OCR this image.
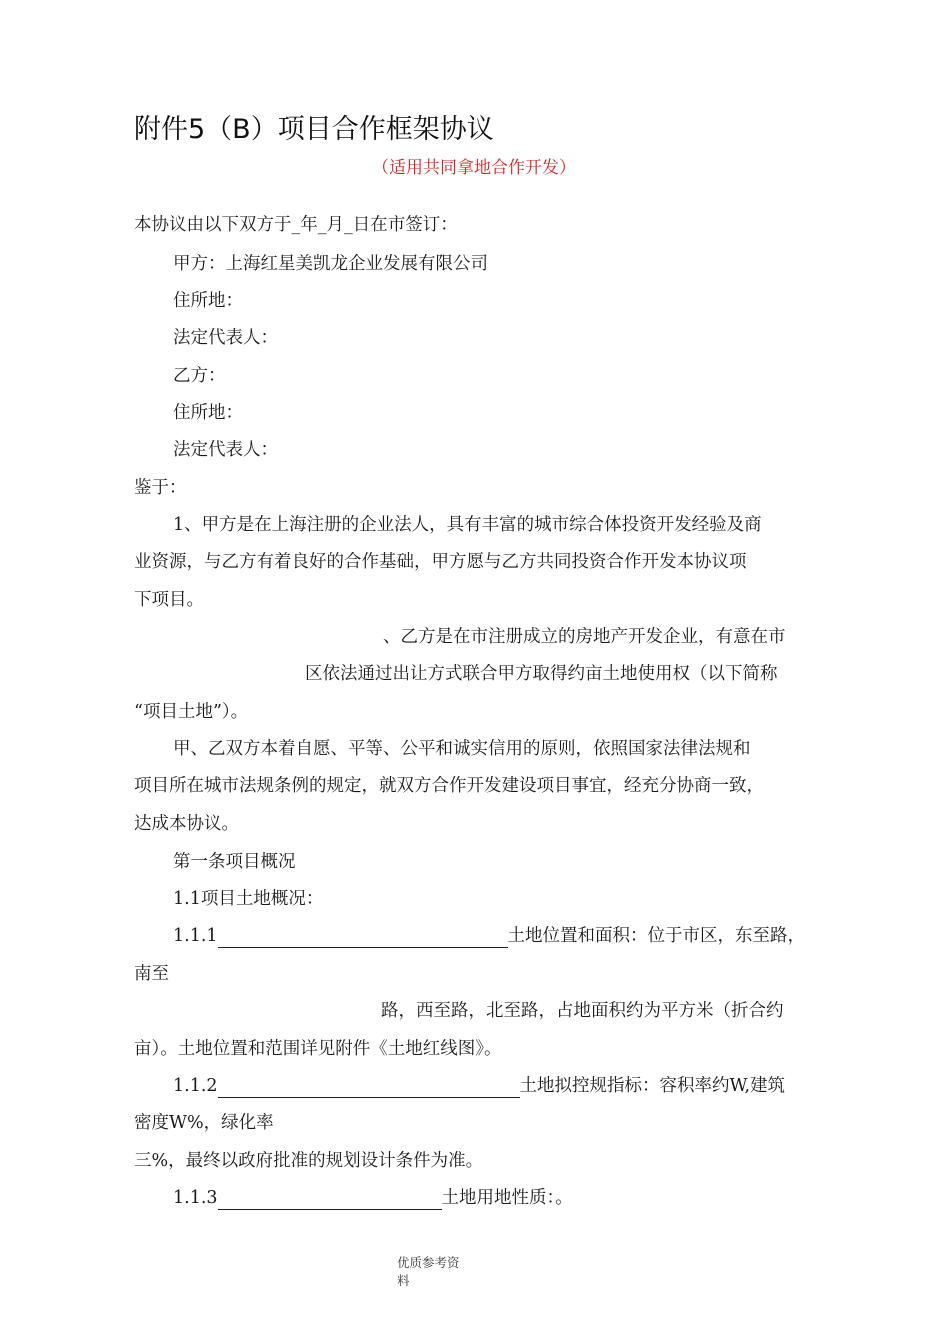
附件5（B）项目合作框架协议
（适用共同拿地合作开发）
本协议由以下双方于_年_月_日在市签订：
甲方：上海红星美凯龙企业发展有限公司
住所地：
法定代表人：
乙方：
住所地：
法定代表人：
鉴于：
1、甲方是在上海注册的企业法人，具有丰富的城市综合体投资开发经验及商
业资源，与乙方有着良好的合作基础，甲方愿与乙方共同投资合作开发本协议项
下项目。
、乙方是在市注册成立的房地产开发企业，有意在市
区依法通过出让方式联合甲方取得约亩土地使用权（以下简称
“项目土地”）。
甲、乙双方本着自愿、平等、公平和诚实信用的原则，依照国家法律法规和
项目所在城市法规条例的规定，就双方合作开发建设项目事宜，经充分协商一致，
达成本协议。
第一条项目概况
1.1项目土地概况：
1.1.1	土地位置和面积：位于市区，东至路，
南至
路，西至路，北至路，占地面积约为平方米（折合约
亩）。土地位置和范围详见附件《土地红线图》。
1.1.2	土地拟控规指标：容积率约W,建筑
密度W%，绿化率
三%，最终以政府批准的规划设计条件为准。
1.1.3	土地用地性质：。
优质参考资
料
